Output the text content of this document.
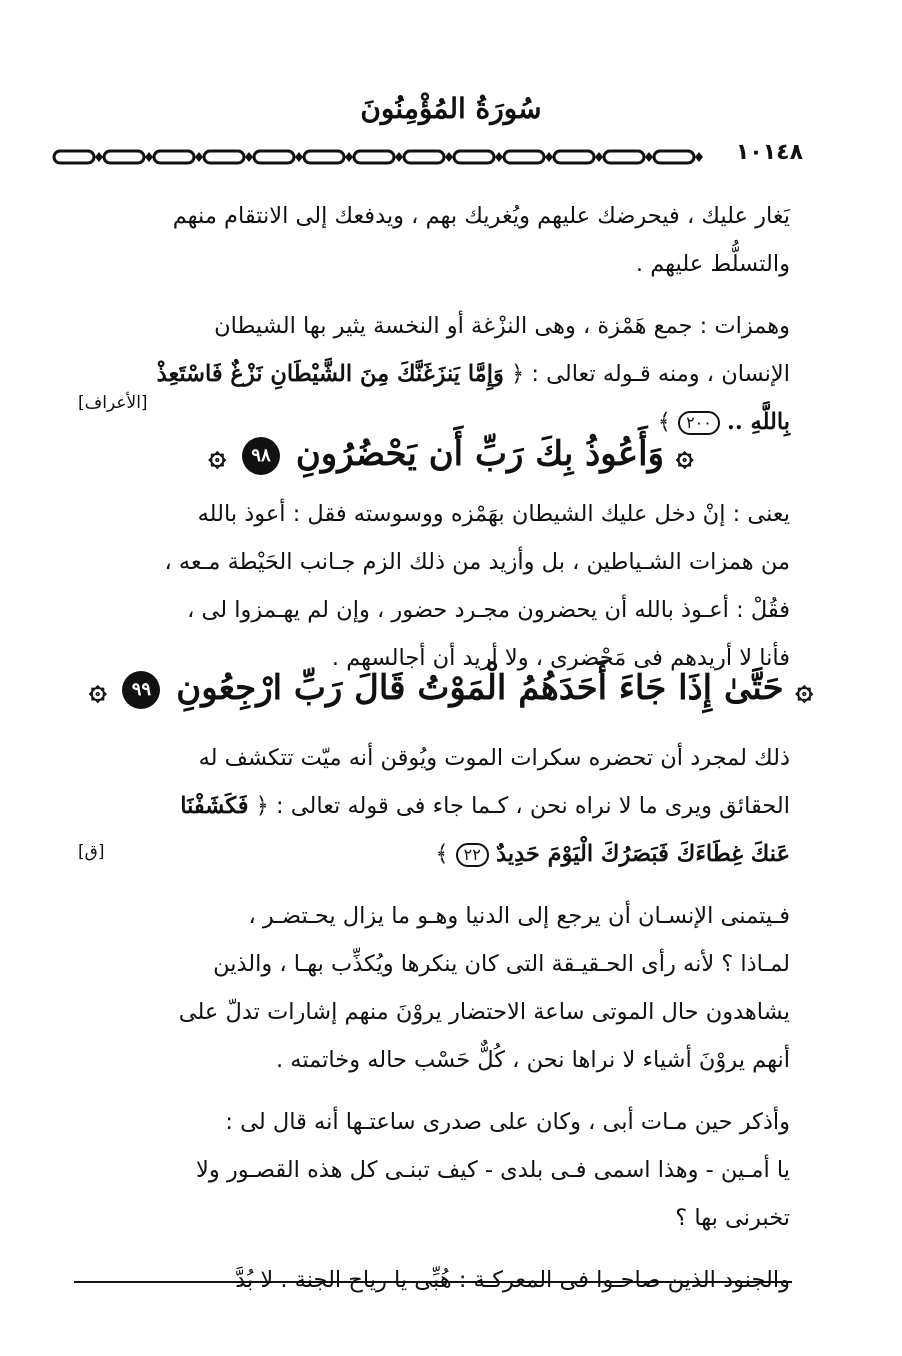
سُورَةُ المُؤْمِنُونَ
١٠١٤٨

يَغار عليك ، فيحرضك عليهم ويُغريك بهم ، ويدفعك إلى الانتقام منهم

والتسلُّط عليهم .

وهمزات : جمع هَمْزة ، وهى النزْغة أو النخسة يثير بها الشيطان

الإنسان ، ومنه قـوله تعالى : ﴿ وَإِمَّا يَنزَغَنَّكَ مِنَ الشَّيْطَانِ نَزْغٌ فَاسْتَعِذْ

بِاللَّهِ .. ٢٠٠ ﴾

[الأعراف]
۞ وَأَعُوذُ بِكَ رَبِّ أَن يَحْضُرُونِ ٩٨ ۞

يعنى : إنْ دخل عليك الشيطان بهَمْزه ووسوسته فقل : أعوذ بالله

من همزات الشـياطين ، بل وأزيد من ذلك الزم جـانب الحَيْطة مـعه ،

فقُلْ : أعـوذ بالله أن يحضرون مجـرد حضور ، وإن لم يهـمزوا لى ،

فأنا لا أريدهم فى مَحْضرى ، ولا أريد أن أجالسهم .

۞ حَتَّىٰ إِذَا جَاءَ أَحَدَهُمُ الْمَوْتُ قَالَ رَبِّ ارْجِعُونِ ٩٩ ۞

ذلك لمجرد أن تحضره سكرات الموت ويُوقن أنه ميّت تتكشف له

الحقائق ويرى ما لا نراه نحن ، كـما جاء فى قوله تعالى : ﴿ فَكَشَفْنَا

عَنكَ غِطَاءَكَ فَبَصَرُكَ الْيَوْمَ حَدِيدٌ ٢٢ ﴾

فـيتمنى الإنسـان أن يرجع إلى الدنيا وهـو ما يزال يحـتضـر ،

لمـاذا ؟ لأنه رأى الحـقيـقة التى كان ينكرها ويُكذِّب بهـا ، والذين

يشاهدون حال الموتى ساعة الاحتضار يروْنَ منهم إشارات تدلّ على

أنهم يروْنَ أشياء لا نراها نحن ، كُلٌّ حَسْب حاله وخاتمته .

وأذكر حين مـات أبى ، وكان على صدرى ساعتـها أنه قال لى :

يا أمـين - وهذا اسمى فـى بلدى - كيف تبنـى كل هذه القصـور ولا

تخبرنى بها ؟

والجنود الذين صاحـوا فى المعركـة : هُبِّى يا رياح الجنة . لا بُدَّ

[ق]
